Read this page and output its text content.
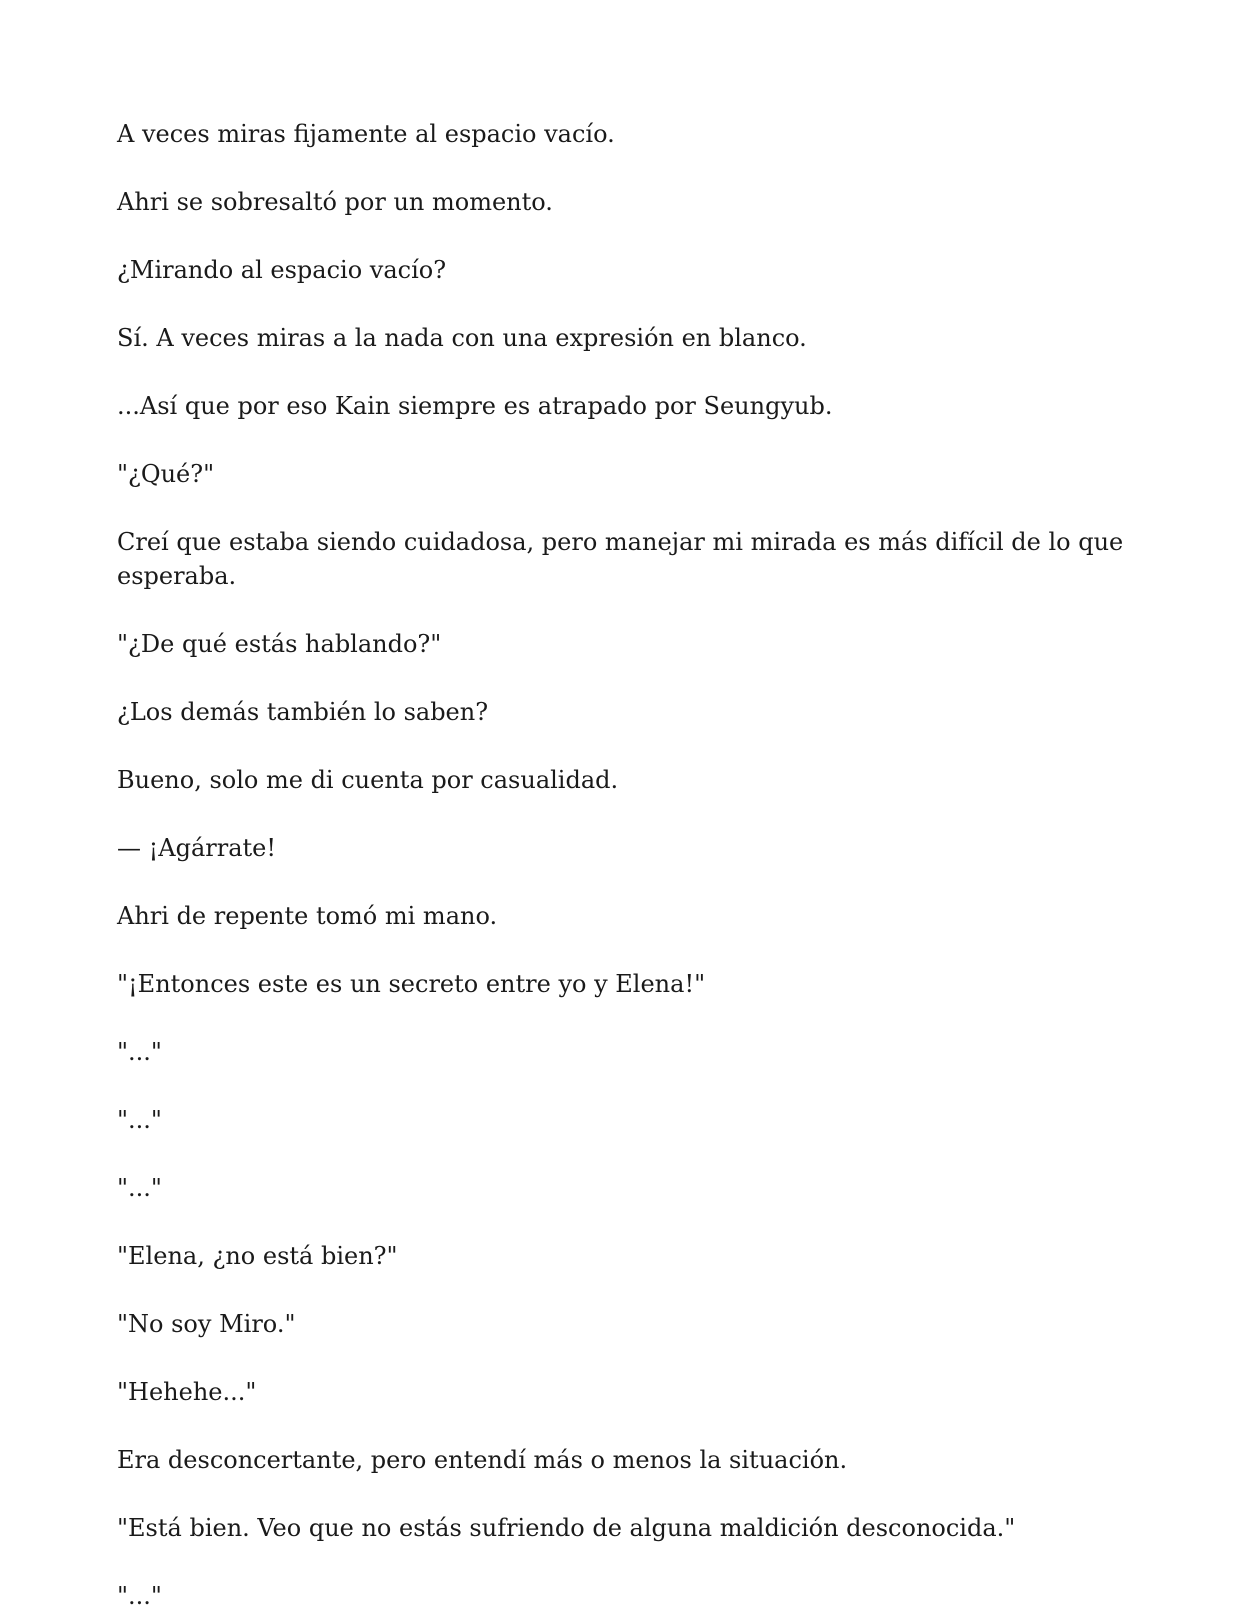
A veces miras fijamente al espacio vacío.

Ahri se sobresaltó por un momento.

¿Mirando al espacio vacío?

Sí. A veces miras a la nada con una expresión en blanco.

...Así que por eso Kain siempre es atrapado por Seungyub.

"¿Qué?"

Creí que estaba siendo cuidadosa, pero manejar mi mirada es más difícil de lo que esperaba.

"¿De qué estás hablando?"

¿Los demás también lo saben?

Bueno, solo me di cuenta por casualidad.

— ¡Agárrate!

Ahri de repente tomó mi mano.

"¡Entonces este es un secreto entre yo y Elena!"

"..."

"..."

"..."

"Elena, ¿no está bien?"

"No soy Miro."

"Hehehe..."

Era desconcertante, pero entendí más o menos la situación.

"Está bien. Veo que no estás sufriendo de alguna maldición desconocida."

"..."
